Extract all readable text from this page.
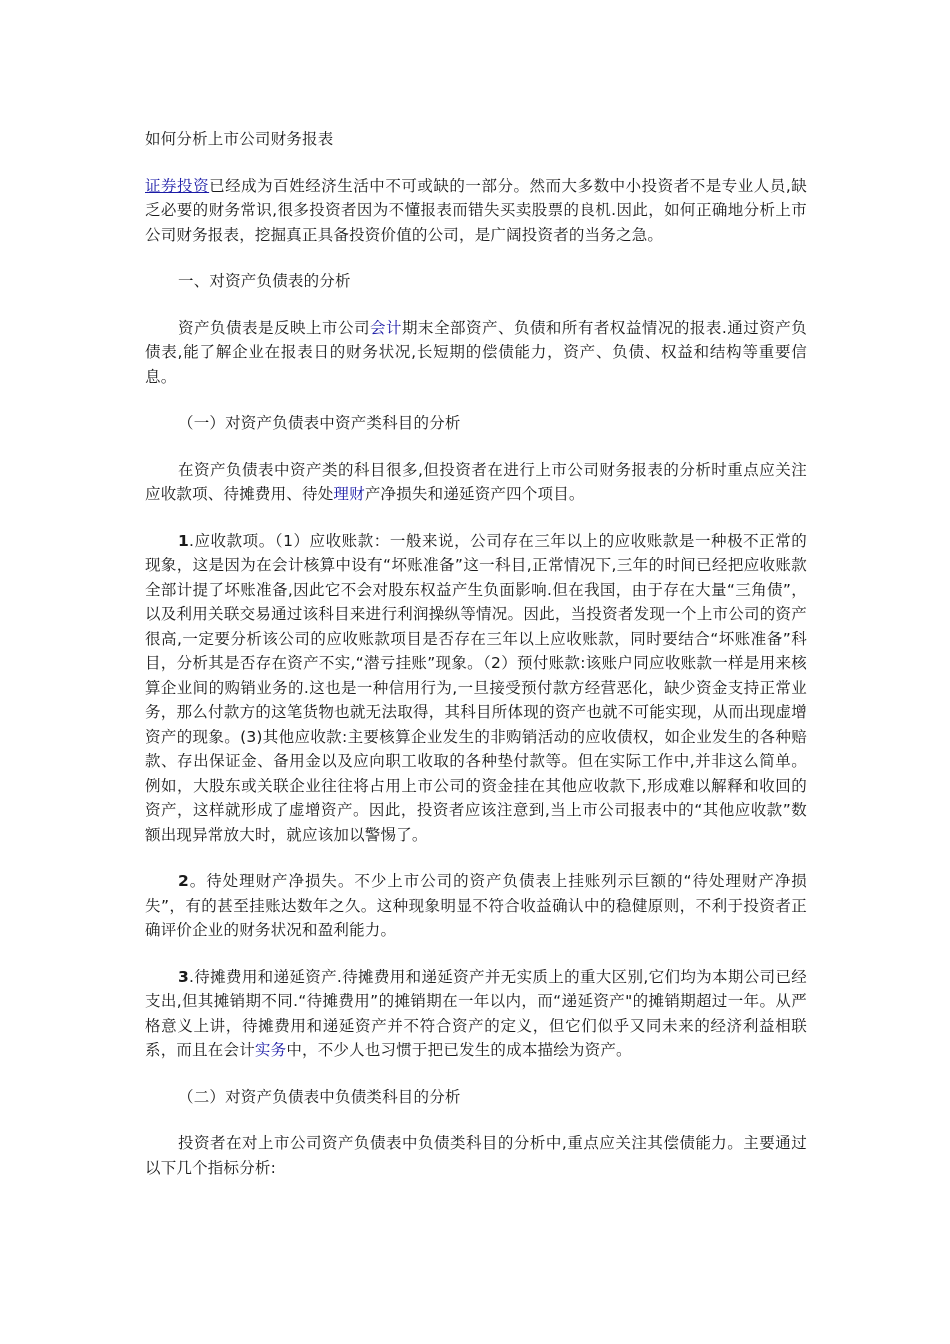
如何分析上市公司财务报表

证券投资已经成为百姓经济生活中不可或缺的一部分。然而大多数中小投资者不是专业人员,缺乏必要的财务常识,很多投资者因为不懂报表而错失买卖股票的良机.因此，如何正确地分析上市公司财务报表，挖掘真正具备投资价值的公司，是广阔投资者的当务之急。

一、对资产负债表的分析

资产负债表是反映上市公司会计期末全部资产、负债和所有者权益情况的报表.通过资产负债表,能了解企业在报表日的财务状况,长短期的偿债能力，资产、负债、权益和结构等重要信息。

（一）对资产负债表中资产类科目的分析

在资产负债表中资产类的科目很多,但投资者在进行上市公司财务报表的分析时重点应关注应收款项、待摊费用、待处理财产净损失和递延资产四个项目。

1.应收款项。（1）应收账款：一般来说，公司存在三年以上的应收账款是一种极不正常的现象，这是因为在会计核算中设有“坏账准备”这一科目,正常情况下,三年的时间已经把应收账款全部计提了坏账准备,因此它不会对股东权益产生负面影响.但在我国，由于存在大量“三角债”，以及利用关联交易通过该科目来进行利润操纵等情况。因此，当投资者发现一个上市公司的资产很高,一定要分析该公司的应收账款项目是否存在三年以上应收账款，同时要结合“坏账准备”科目，分析其是否存在资产不实,“潜亏挂账”现象。（2）预付账款:该账户同应收账款一样是用来核算企业间的购销业务的.这也是一种信用行为,一旦接受预付款方经营恶化，缺少资金支持正常业务，那么付款方的这笔货物也就无法取得，其科目所体现的资产也就不可能实现，从而出现虚增资产的现象。(3)其他应收款:主要核算企业发生的非购销活动的应收债权，如企业发生的各种赔款、存出保证金、备用金以及应向职工收取的各种垫付款等。但在实际工作中,并非这么简单。例如，大股东或关联企业往往将占用上市公司的资金挂在其他应收款下,形成难以解释和收回的资产，这样就形成了虚增资产。因此，投资者应该注意到,当上市公司报表中的“其他应收款”数额出现异常放大时，就应该加以警惕了。

2。待处理财产净损失。不少上市公司的资产负债表上挂账列示巨额的“待处理财产净损失”，有的甚至挂账达数年之久。这种现象明显不符合收益确认中的稳健原则，不利于投资者正确评价企业的财务状况和盈利能力。

3.待摊费用和递延资产.待摊费用和递延资产并无实质上的重大区别,它们均为本期公司已经支出,但其摊销期不同.“待摊费用”的摊销期在一年以内，而“递延资产"的摊销期超过一年。从严格意义上讲，待摊费用和递延资产并不符合资产的定义，但它们似乎又同未来的经济利益相联系，而且在会计实务中，不少人也习惯于把已发生的成本描绘为资产。

（二）对资产负债表中负债类科目的分析

投资者在对上市公司资产负债表中负债类科目的分析中,重点应关注其偿债能力。主要通过以下几个指标分析:
